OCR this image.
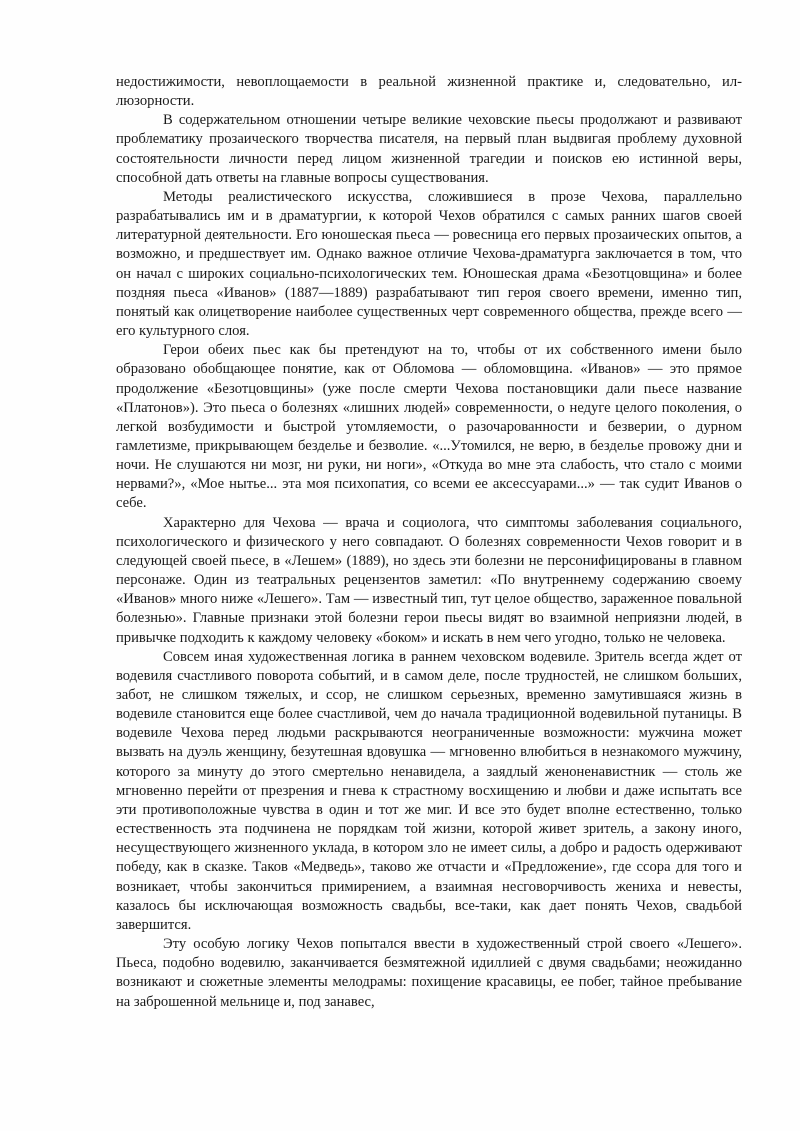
недостижимости, невоплощаемости в реальной жизненной практике и, следовательно, иллюзорности.

В содержательном отношении четыре великие чеховские пьесы продолжают и развивают проблематику прозаического творчества писателя, на первый план выдвигая проблему духовной состоятельности личности перед лицом жизненной трагедии и поисков ею истинной веры, способной дать ответы на главные вопросы существования.

Методы реалистического искусства, сложившиеся в прозе Чехова, параллельно разрабатывались им и в драматургии, к которой Чехов обратился с самых ранних шагов своей литературной деятельности. Его юношеская пьеса — ровесница его первых прозаических опытов, а возможно, и предшествует им. Однако важное отличие Чехова-драматурга заключается в том, что он начал с широких социально-психологических тем. Юношеская драма «Безотцовщина» и более поздняя пьеса «Иванов» (1887—1889) разрабатывают тип героя своего времени, именно тип, понятый как олицетворение наиболее существенных черт современного общества, прежде всего — его культурного слоя.

Герои обеих пьес как бы претендуют на то, чтобы от их собственного имени было образовано обобщающее понятие, как от Обломова — обломовщина. «Иванов» — это прямое продолжение «Безотцовщины» (уже после смерти Чехова постановщики дали пьесе название «Платонов»). Это пьеса о болезнях «лишних людей» современности, о недуге целого поколения, о легкой возбудимости и быстрой утомляемости, о разочарованности и безверии, о дурном гамлетизме, прикрывающем безделье и безволие. «...Утомился, не верю, в безделье провожу дни и ночи. Не слушаются ни мозг, ни руки, ни ноги», «Откуда во мне эта слабость, что стало с моими нервами?», «Мое нытье... эта моя психопатия, со всеми ее аксессуарами...» — так судит Иванов о себе.

Характерно для Чехова — врача и социолога, что симптомы заболевания социального, психологического и физического у него совпадают. О болезнях современности Чехов говорит и в следующей своей пьесе, в «Лешем» (1889), но здесь эти болезни не персонифицированы в главном персонаже. Один из театральных рецензентов заметил: «По внутреннему содержанию своему «Иванов» много ниже «Лешего». Там — известный тип, тут целое общество, зараженное повальной болезнью». Главные признаки этой болезни герои пьесы видят во взаимной неприязни людей, в привычке подходить к каждому человеку «боком» и искать в нем чего угодно, только не человека.

Совсем иная художественная логика в раннем чеховском водевиле. Зритель всегда ждет от водевиля счастливого поворота событий, и в самом деле, после трудностей, не слишком больших, забот, не слишком тяжелых, и ссор, не слишком серьезных, временно замутившаяся жизнь в водевиле становится еще более счастливой, чем до начала традиционной водевильной путаницы. В водевиле Чехова перед людьми раскрываются неограниченные возможности: мужчина может вызвать на дуэль женщину, безутешная вдовушка — мгновенно влюбиться в незнакомого мужчину, которого за минуту до этого смертельно ненавидела, а заядлый женоненавистник — столь же мгновенно перейти от презрения и гнева к страстному восхищению и любви и даже испытать все эти противоположные чувства в один и тот же миг. И все это будет вполне естественно, только естественность эта подчинена не порядкам той жизни, которой живет зритель, а закону иного, несуществующего жизненного уклада, в котором зло не имеет силы, а добро и радость одерживают победу, как в сказке. Таков «Медведь», таково же отчасти и «Предложение», где ссора для того и возникает, чтобы закончиться примирением, а взаимная несговорчивость жениха и невесты, казалось бы исключающая возможность свадьбы, все-таки, как дает понять Чехов, свадьбой завершится.

Эту особую логику Чехов попытался ввести в художественный строй своего «Лешего». Пьеса, подобно водевилю, заканчивается безмятежной идиллией с двумя свадьбами; неожиданно возникают и сюжетные элементы мелодрамы: похищение красавицы, ее побег, тайное пребывание на заброшенной мельнице и, под занавес,
